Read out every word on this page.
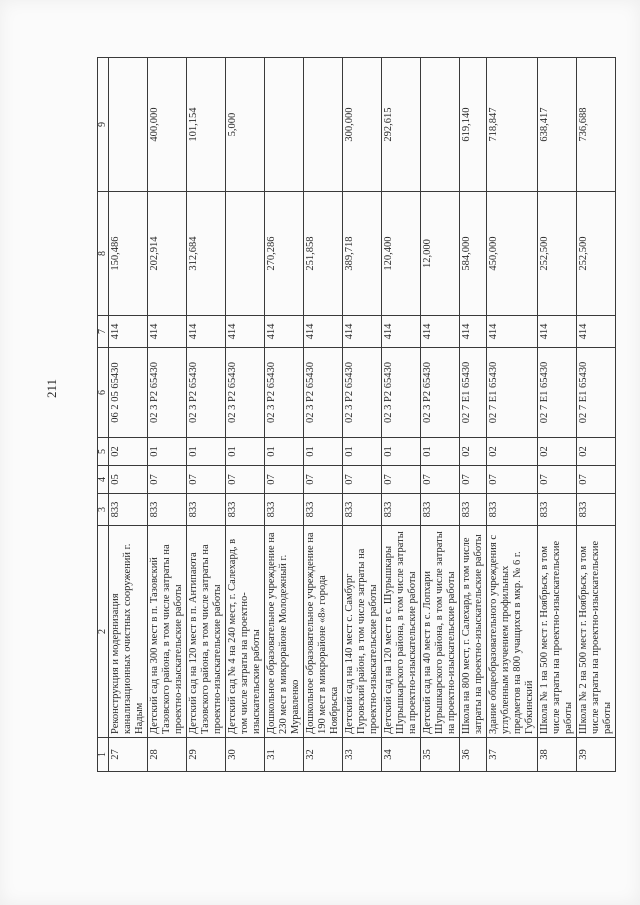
211
1	2	3	4	5	6	7	8	9
27	Реконструкция и модернизация канализационных очистных сооружений г. Надым	833	05	02	06 2 05 65430	414	150,486	
28	Детский сад на 300 мест в п. Тазовский Тазовского района, в том числе затраты на проектно-изыскательские работы	833	07	01	02 3 P2 65430	414	202,914	400,000
29	Детский сад на 120 мест в п. Антипаюта Тазовского района, в том числе затраты на проектно-изыскательские работы	833	07	01	02 3 P2 65430	414	312,684	101,154
30	Детский сад № 4 на 240 мест, г. Салехард, в том числе затраты на проектно-изыскательские работы	833	07	01	02 3 P2 65430	414		5,000
31	Дошкольное образовательное учреждение на 230 мест в микрорайоне Молодежный г. Муравленко	833	07	01	02 3 P2 65430	414	270,286	
32	Дошкольное образовательное учреждение на 190 мест в микрорайоне «8» города Ноябрьска	833	07	01	02 3 P2 65430	414	251,858	
33	Детский сад на 140 мест с. Самбург Пуровский район, в том числе затраты на проектно-изыскательские работы	833	07	01	02 3 P2 65430	414	389,718	300,000
34	Детский сад на 120 мест в с. Шурышкары Шурышкарского района, в том числе затраты на проектно-изыскательские работы	833	07	01	02 3 P2 65430	414	120,400	292,615
35	Детский сад на 40 мест в с. Лопхари Шурышкарского района, в том числе затраты на проектно-изыскательские работы	833	07	01	02 3 P2 65430	414	12,000	
36	Школа на 800 мест, г. Салехард, в том числе затраты на проектно-изыскательские работы	833	07	02	02 7 E1 65430	414	584,000	619,140
37	Здание общеобразовательного учреждения с углубленным изучением профильных предметов на 800 учащихся в мкр. № 6 г. Губкинский	833	07	02	02 7 E1 65430	414	450,000	718,847
38	Школа № 1 на 500 мест г. Ноябрьск, в том числе затраты на проектно-изыскательские работы	833	07	02	02 7 E1 65430	414	252,500	638,417
39	Школа № 2 на 500 мест г. Ноябрьск, в том числе затраты на проектно-изыскательские работы	833	07	02	02 7 E1 65430	414	252,500	736,688
